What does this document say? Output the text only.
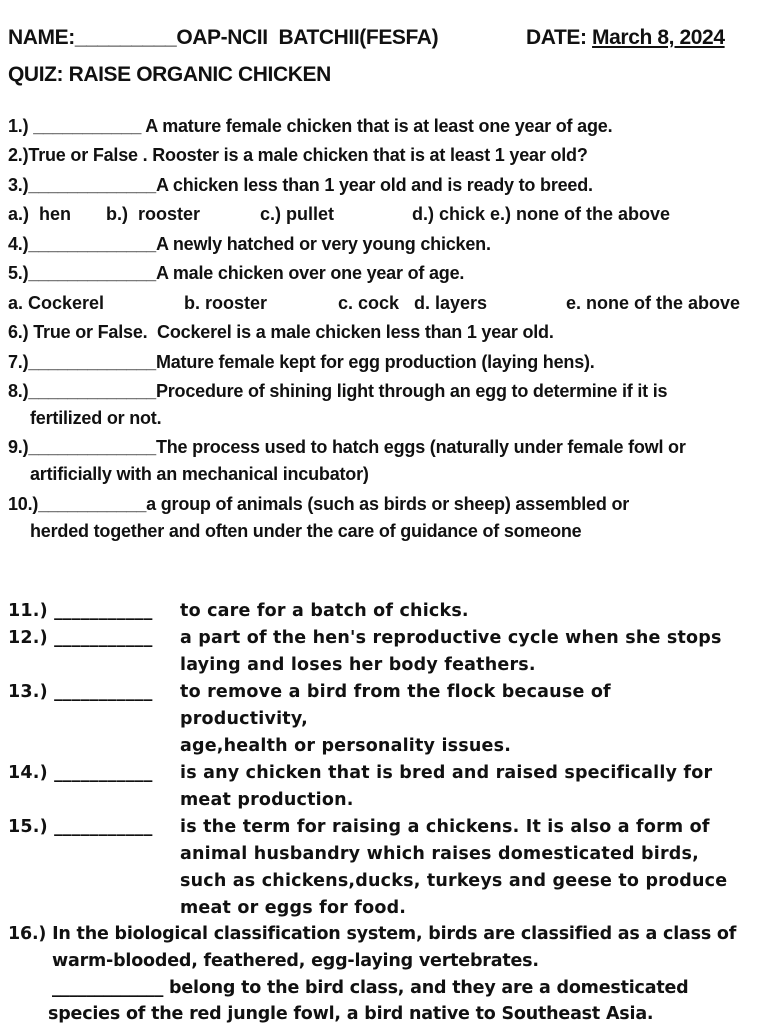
NAME:_________OAP-NCII  BATCHII(FESFA)	DATE: March 8, 2024
QUIZ: RAISE ORGANIC CHICKEN
1.) ___________ A mature female chicken that is at least one year of age.
2.)True or False . Rooster is a male chicken that is at least 1 year old?
3.)_____________A chicken less than 1 year old and is ready to breed.
a.)  hen b.)  rooster	c.) pullet	d.) chick e.) none of the above
4.)_____________A newly hatched or very young chicken.
5.)_____________A male chicken over one year of age.
a. Cockerel	b. rooster	c. cock d. layers	e. none of the above
6.) True or False.  Cockerel is a male chicken less than 1 year old.
7.)_____________Mature female kept for egg production (laying hens).
8.)_____________Procedure of shining light through an egg to determine if it is
fertilized or not.
9.)_____________The process used to hatch eggs (naturally under female fowl or
artificially with an mechanical incubator)
10.)___________a group of animals (such as birds or sheep) assembled or
herded together and often under the care of guidance of someone
11.) ___________ to care for a batch of chicks.
12.) ___________ a part of the hen's reproductive cycle when she stops
laying and loses her body feathers.
13.) ___________ to remove a bird from the flock because of
productivity,
age,health or personality issues.
14.) ___________ is any chicken that is bred and raised specifically for
meat production.
15.) ___________ is the term for raising a chickens. It is also a form of
animal husbandry which raises domesticated birds,
such as chickens,ducks, turkeys and geese to produce
meat or eggs for food.
16.) In the biological classification system, birds are classified as a class of
warm-blooded, feathered, egg-laying vertebrates.
_____________ belong to the bird class, and they are a domesticated
species of the red jungle fowl, a bird native to Southeast Asia.
